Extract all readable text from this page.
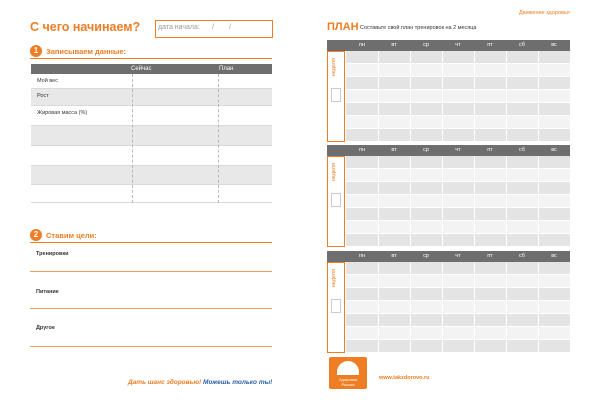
С чего начинаем?	дата начала: / /
1	Записываем данные:
Сейчас	План
Мой вес
Рост
Жировая масса (%)
2	Ставим цели:
Тренировки
Питание
Другое
Дать шанс здоровью! Можешь только ты!
Движение здоровья
ПЛАН Составьте свой план тренировок на 2 месяца
пн	вт	ср	чт	пт	сб	вс
неделя
пн	вт	ср	чт	пт	сб	вс
неделя
пн	вт	ср	чт	пт	сб	вс
неделя
Здоровая Россия
www.takzdorovo.ru
